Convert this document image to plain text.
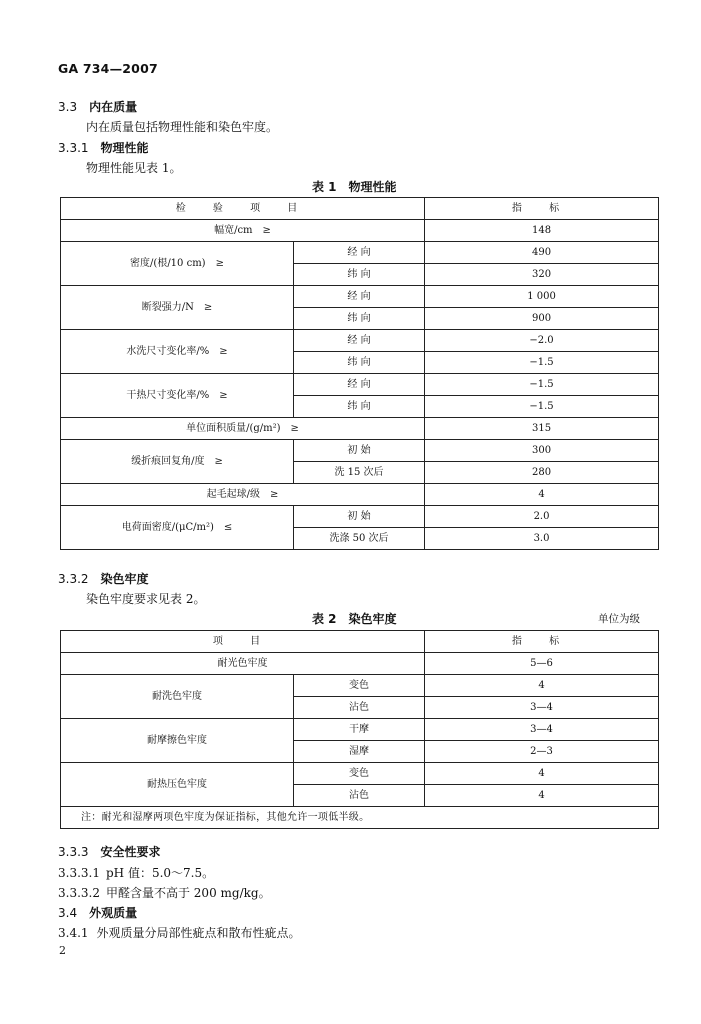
GA 734—2007
3.3 内在质量
内在质量包括物理性能和染色牢度。
3.3.1 物理性能
物理性能见表 1。
表 1　物理性能
检 验 项 目		指 标
幅宽/cm　≥		148
密度/(根/10 cm)　≥	经 向	490
	纬 向	320
断裂强力/N　≥	经 向	1 000
	纬 向	900
水洗尺寸变化率/%　≥	经 向	−2.0
	纬 向	−1.5
干热尺寸变化率/%　≥	经 向	−1.5
	纬 向	−1.5
单位面积质量/(g/m²)　≥		315
缓折痕回复角/度　≥	初 始	300
	洗 15 次后	280
起毛起球/级　≥		4
电荷面密度/(μC/m²)　≤	初 始	2.0
	洗涤 50 次后	3.0
3.3.2 染色牢度
染色牢度要求见表 2。
表 2　染色牢度	单位为级
项 目		指 标
耐光色牢度		5—6
耐洗色牢度	变色	4
	沾色	3—4
耐摩擦色牢度	干摩	3—4
	湿摩	2—3
耐热压色牢度	变色	4
	沾色	4
注：耐光和湿摩两项色牢度为保证指标，其他允许一项低半级。		
3.3.3 安全性要求
3.3.3.1 pH 值：5.0～7.5。
3.3.3.2 甲醛含量不高于 200 mg/kg。
3.4 外观质量
3.4.1 外观质量分局部性疵点和散布性疵点。
2
